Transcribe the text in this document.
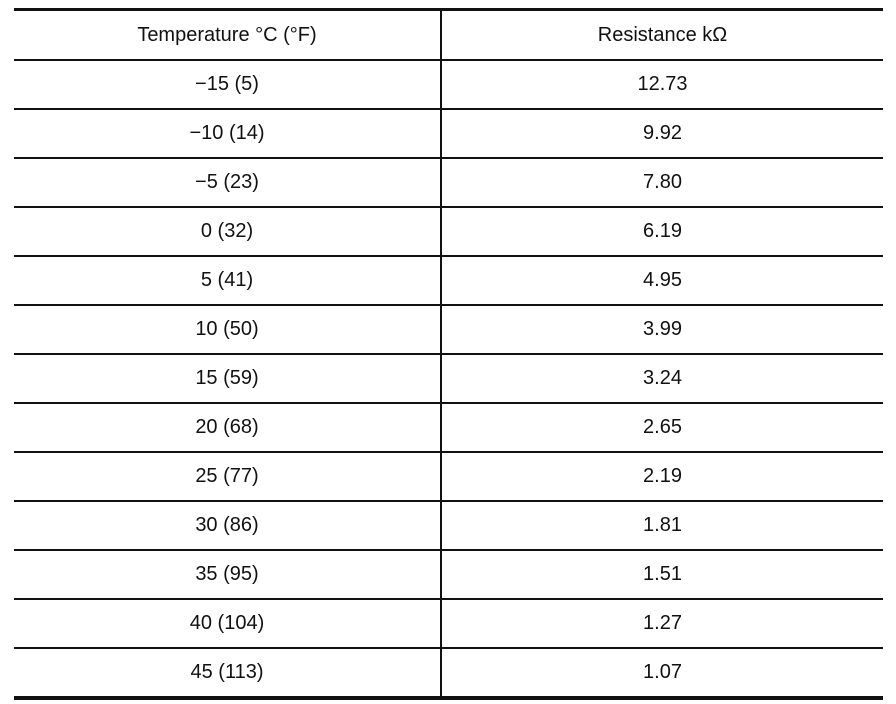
Temperature °C (°F)	Resistance kΩ
−15 (5)	12.73
−10 (14)	9.92
−5 (23)	7.80
0 (32)	6.19
5 (41)	4.95
10 (50)	3.99
15 (59)	3.24
20 (68)	2.65
25 (77)	2.19
30 (86)	1.81
35 (95)	1.51
40 (104)	1.27
45 (113)	1.07
